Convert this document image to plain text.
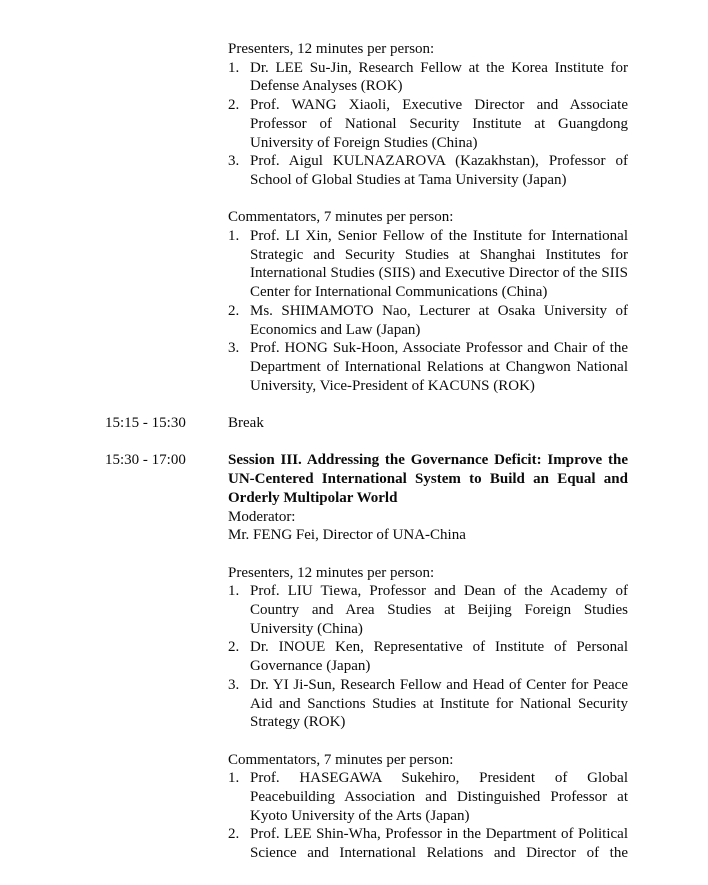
Presenters, 12 minutes per person:
1. Dr. LEE Su-Jin, Research Fellow at the Korea Institute for Defense Analyses (ROK)
2. Prof. WANG Xiaoli, Executive Director and Associate Professor of National Security Institute at Guangdong University of Foreign Studies (China)
3. Prof. Aigul KULNAZAROVA (Kazakhstan), Professor of School of Global Studies at Tama University (Japan)
Commentators, 7 minutes per person:
1. Prof. LI Xin, Senior Fellow of the Institute for International Strategic and Security Studies at Shanghai Institutes for International Studies (SIIS) and Executive Director of the SIIS Center for International Communications (China)
2. Ms. SHIMAMOTO Nao, Lecturer at Osaka University of Economics and Law (Japan)
3. Prof. HONG Suk-Hoon, Associate Professor and Chair of the Department of International Relations at Changwon National University, Vice-President of KACUNS (ROK)
15:15 - 15:30	Break
15:30 - 17:00	Session III. Addressing the Governance Deficit: Improve the UN-Centered International System to Build an Equal and Orderly Multipolar World
Moderator:
Mr. FENG Fei, Director of UNA-China
Presenters, 12 minutes per person:
1. Prof. LIU Tiewa, Professor and Dean of the Academy of Country and Area Studies at Beijing Foreign Studies University (China)
2. Dr. INOUE Ken, Representative of Institute of Personal Governance (Japan)
3. Dr. YI Ji-Sun, Research Fellow and Head of Center for Peace Aid and Sanctions Studies at Institute for National Security Strategy (ROK)
Commentators, 7 minutes per person:
1. Prof. HASEGAWA Sukehiro, President of Global Peacebuilding Association and Distinguished Professor at Kyoto University of the Arts (Japan)
2. Prof. LEE Shin-Wha, Professor in the Department of Political Science and International Relations and Director of the
